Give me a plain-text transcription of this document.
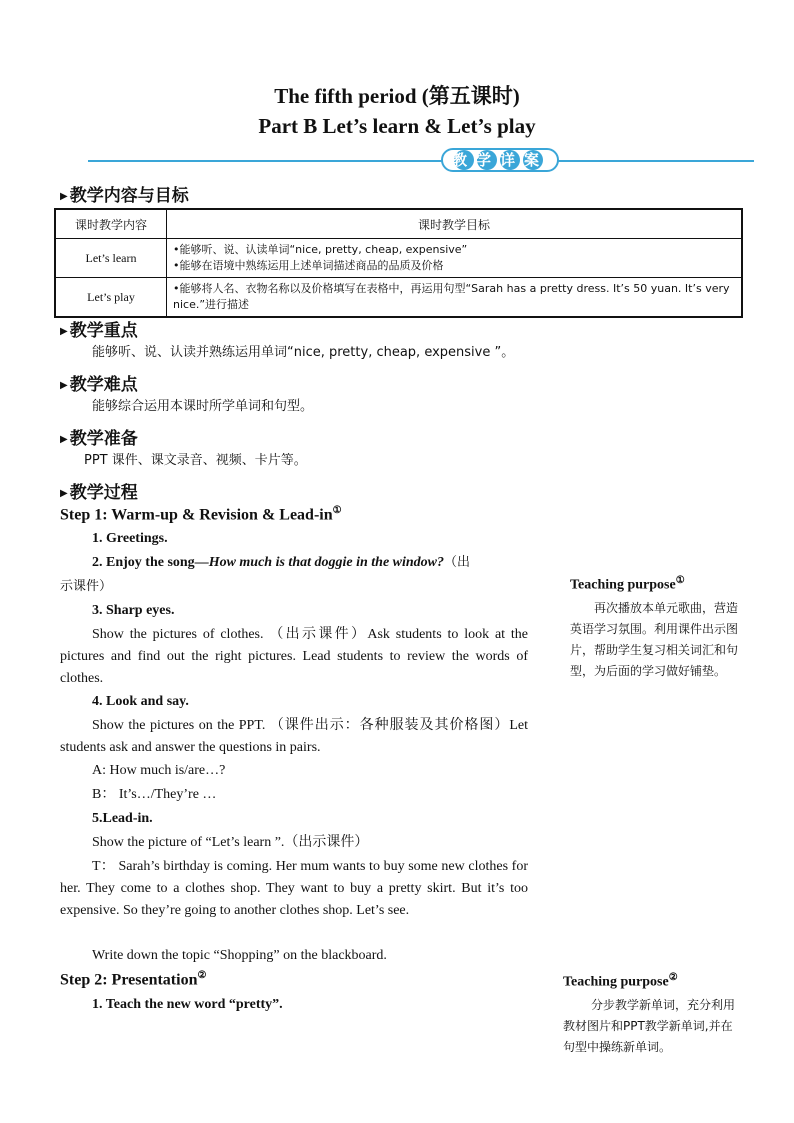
The fifth period (第五课时)
Part B Let’s learn & Let’s play
教学详案
▶ 教学内容与目标
课时教学内容	课时教学目标
Let’s learn	•能够听、说、认读单词“nice, pretty, cheap, expensive”
•能够在语境中熟练运用上述单词描述商品的品质及价格

Let’s play	•能够将人名、衣物名称以及价格填写在表格中，再运用句型“Sarah has a pretty dress. It’s 50 yuan. It’s very nice.”进行描述
▶ 教学重点
能够听、说、认读并熟练运用单词“nice, pretty, cheap, expensive ”。
▶ 教学难点
能够综合运用本课时所学单词和句型。
▶ 教学准备
PPT 课件、课文录音、视频、卡片等。
▶ 教学过程
Step 1: Warm-up & Revision & Lead-in①
1. Greetings.
2. Enjoy the song—How much is that doggie in the window?（出
示课件）
3. Sharp eyes.
Show the pictures of clothes. （出示课件）Ask students to look at the pictures and find out the right pictures. Lead students to review the words of clothes.
4. Look and say.
Show the pictures on the PPT. （课件出示：各种服装及其价格图）Let students ask and answer the questions in pairs.
A: How much is/are…?
B： It’s…/They’re …
5.Lead-in.
Show the picture of “Let’s learn ”.（出示课件）
T： Sarah’s birthday is coming. Her mum wants to buy some new clothes for her. They come to a clothes shop. They want to buy a pretty skirt. But it’s too expensive. So they’re going to another clothes shop. Let’s see.
Write down the topic “Shopping” on the blackboard.
Step 2: Presentation②
1. Teach the new word “pretty”.
Teaching purpose①
再次播放本单元歌曲，营造英语学习氛围。利用课件出示图片，帮助学生复习相关词汇和句型，为后面的学习做好铺垫。
Teaching purpose②
分步教学新单词，充分利用教材图片和PPT教学新单词,并在句型中操练新单词。
